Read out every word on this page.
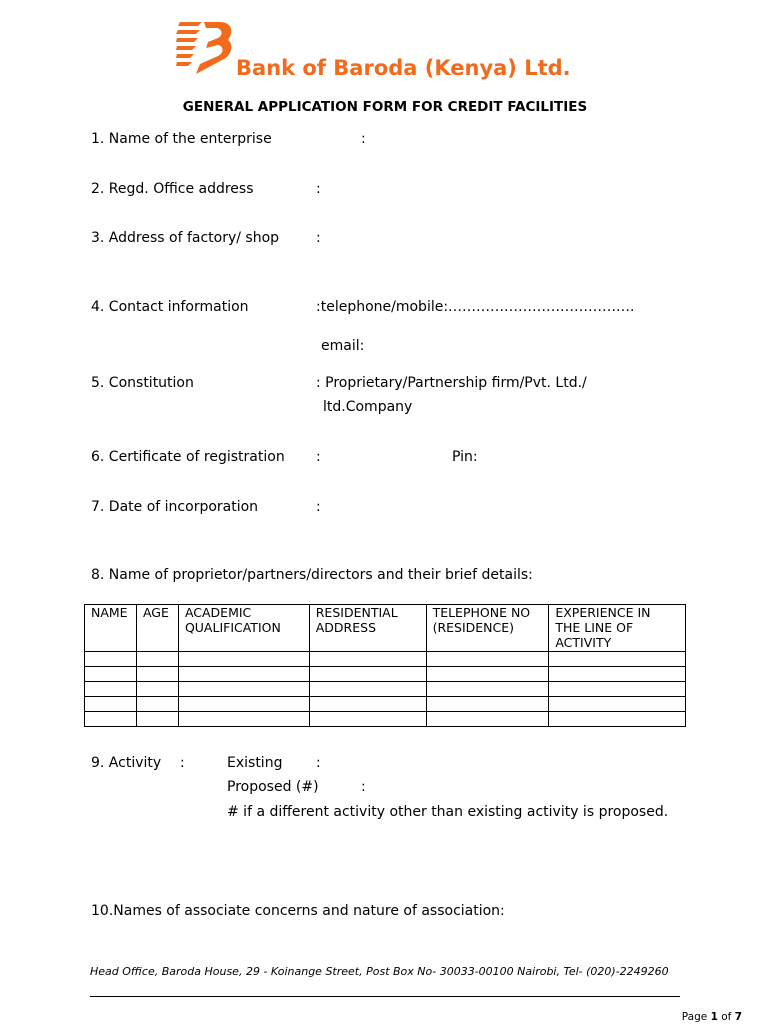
Bank of Baroda (Kenya) Ltd.
GENERAL APPLICATION FORM FOR CREDIT FACILITIES
1. Name of the enterprise	:
2. Regd. Office address	:
3. Address of factory/ shop	:
4. Contact information	:telephone/mobile:………………………………….
email:
5. Constitution	: Proprietary/Partnership firm/Pvt. Ltd./
ltd.Company
6. Certificate of registration :	Pin:
7. Date of incorporation	:
8. Name of proprietor/partners/directors and their brief details:
NAME	AGE	ACADEMIC QUALIFICATION	RESIDENTIAL ADDRESS	TELEPHONE NO (RESIDENCE)	EXPERIENCE IN THE LINE OF ACTIVITY

9. Activity :	Existing :
Proposed (#)	:
# if a different activity other than existing activity is proposed.
10.Names of associate concerns and nature of association:
Head Office, Baroda House, 29 - Koinange Street, Post Box No- 30033-00100 Nairobi, Tel- (020)-2249260
Page 1 of 7
